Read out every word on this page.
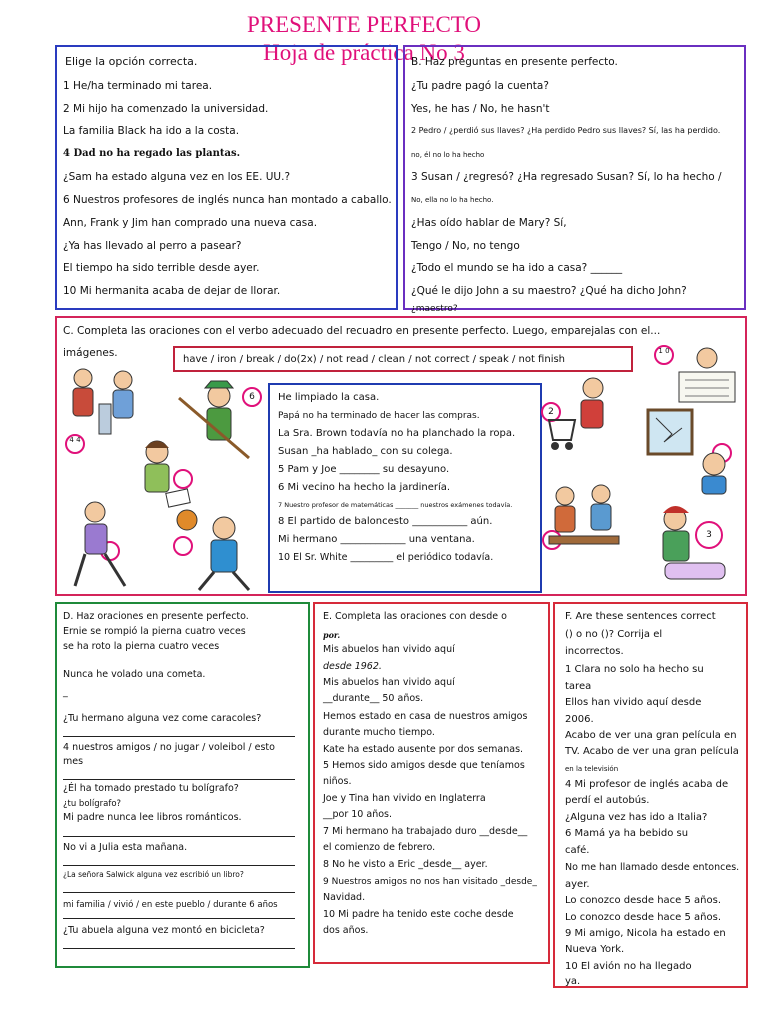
PRESENTE PERFECTO
Hoja de práctica No 3
Elige la opción correcta.
1 He/ha terminado mi tarea.
2 Mi hijo ha comenzado la universidad.
La familia Black ha ido a la costa.
4 Dad no ha regado las plantas.
¿Sam ha estado alguna vez en los EE. UU.?
6 Nuestros profesores de inglés nunca han montado a caballo.
Ann, Frank y Jim han comprado una nueva casa.
¿Ya has llevado al perro a pasear?
El tiempo ha sido terrible desde ayer.
10 Mi hermanita acaba de dejar de llorar.
B. Haz preguntas en presente perfecto.
¿Tu padre pagó la cuenta?
Yes, he has / No, he hasn't
2 Pedro / ¿perdió sus llaves? ¿Ha perdido Pedro sus llaves? Sí, las ha perdido.
no, él no lo ha hecho
3 Susan / ¿regresó? ¿Ha regresado Susan? Sí, lo ha hecho /
No, ella no lo ha hecho.
¿Has oído hablar de Mary? Sí,
Tengo / No, no tengo
¿Todo el mundo se ha ido a casa? ______
¿Qué le dijo John a su maestro? ¿Qué ha dicho John?
¿maestro?
C. Completa las oraciones con el verbo adecuado del recuadro en presente perfecto. Luego, emparejalas con el...
imágenes.
have / iron / break / do(2x) / not read / clean / not correct / speak / not finish
He limpiado la casa.
Papá no ha terminado de hacer las compras.
La Sra. Brown todavía no ha planchado la ropa.
Susan _ha hablado_ con su colega.
5 Pam y Joe ________ su desayuno.
6 Mi vecino ha hecho la jardinería.
7 Nuestro profesor de matemáticas _______ nuestros exámenes todavía.
8 El partido de baloncesto ___________ aún.
Mi hermano _____________ una ventana.
10 El Sr. White _________ el periódico todavía.
6
2
4 4
1 0
3
D. Haz oraciones en presente perfecto.
Ernie se rompió la pierna cuatro veces
se ha roto la pierna cuatro veces
Nunca he volado una cometa.
_
¿Tu hermano alguna vez come caracoles?
4 nuestros amigos / no jugar / voleibol / esto
mes
¿Él ha tomado prestado tu bolígrafo?
¿tu bolígrafo?
Mi padre nunca lee libros románticos.
No vi a Julia esta mañana.
¿La señora Salwick alguna vez escribió un libro?
mi familia / vivió / en este pueblo / durante 6 años
¿Tu abuela alguna vez montó en bicicleta?
E. Completa las oraciones con desde o
por.
Mis abuelos han vivido aquí
desde 1962.
Mis abuelos han vivido aquí
__durante__ 50 años.
Hemos estado en casa de nuestros amigos
durante mucho tiempo.
Kate ha estado ausente por dos semanas.
5 Hemos sido amigos desde que teníamos
niños.
Joe y Tina han vivido en Inglaterra
__por 10 años.
7 Mi hermano ha trabajado duro __desde__
el comienzo de febrero.
8 No he visto a Eric _desde__ ayer.
9 Nuestros amigos no nos han visitado _desde_
Navidad.
10 Mi padre ha tenido este coche desde
dos años.
F. Are these sentences correct
() o no ()? Corrija el
incorrectos.
1 Clara no solo ha hecho su
tarea
Ellos han vivido aquí desde
2006.
Acabo de ver una gran película en
TV. Acabo de ver una gran película
en la televisión
4 Mi profesor de inglés acaba de
perdí el autobús.
¿Alguna vez has ido a Italia?
6 Mamá ya ha bebido su
café.
No me han llamado desde entonces.
ayer.
Lo conozco desde hace 5 años.
Lo conozco desde hace 5 años.
9 Mi amigo, Nicola ha estado en
Nueva York.
10 El avión no ha llegado
ya.
